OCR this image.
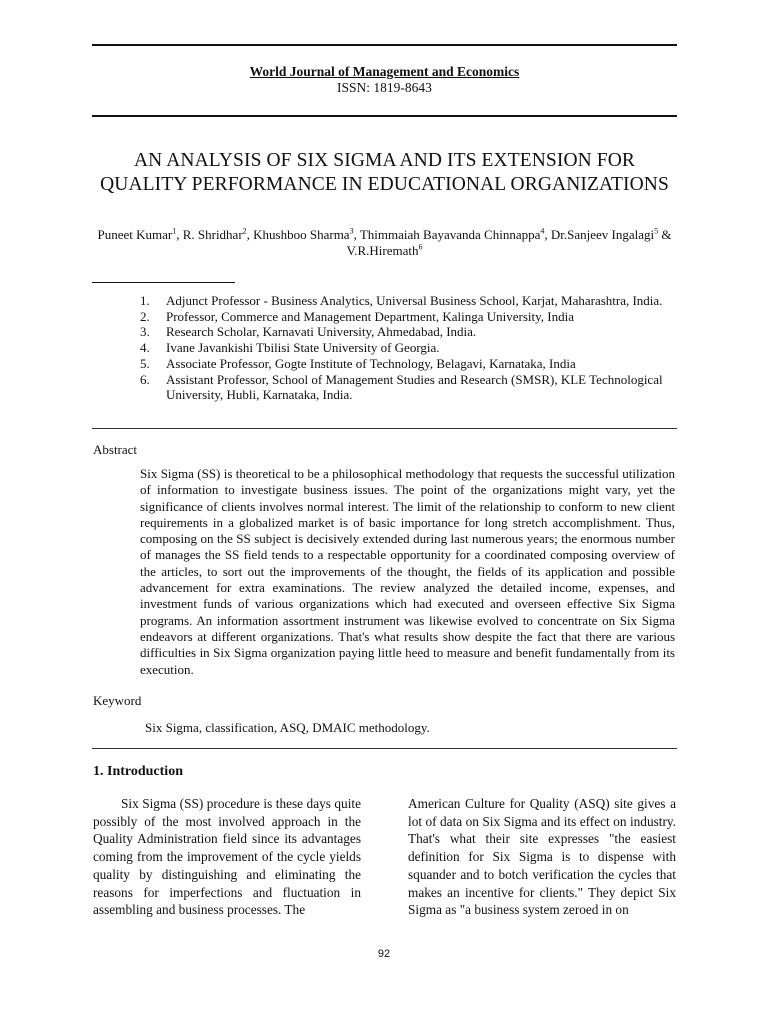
World Journal of Management and Economics
ISSN: 1819-8643
AN ANALYSIS OF SIX SIGMA AND ITS EXTENSION FOR QUALITY PERFORMANCE IN EDUCATIONAL ORGANIZATIONS
Puneet Kumar$^1$, R. Shridhar$^2$, Khushboo Sharma$^3$, Thimmaiah Bayavanda Chinnappa$^4$, Dr.Sanjeev Ingalagi$^5$ & V.R.Hiremath$^6$
1. Adjunct Professor - Business Analytics, Universal Business School, Karjat, Maharashtra, India.
2. Professor, Commerce and Management Department, Kalinga University, India
3. Research Scholar, Karnavati University, Ahmedabad, India.
4. Ivane Javankishi Tbilisi State University of Georgia.
5. Associate Professor, Gogte Institute of Technology, Belagavi, Karnataka, India
6. Assistant Professor, School of Management Studies and Research (SMSR), KLE Technological University, Hubli, Karnataka, India.
Abstract
Six Sigma (SS) is theoretical to be a philosophical methodology that requests the successful utilization of information to investigate business issues. The point of the organizations might vary, yet the significance of clients involves normal interest. The limit of the relationship to conform to new client requirements in a globalized market is of basic importance for long stretch accomplishment. Thus, composing on the SS subject is decisively extended during last numerous years; the enormous number of manages the SS field tends to a respectable opportunity for a coordinated composing overview of the articles, to sort out the improvements of the thought, the fields of its application and possible advancement for extra examinations. The review analyzed the detailed income, expenses, and investment funds of various organizations which had executed and overseen effective Six Sigma programs. An information assortment instrument was likewise evolved to concentrate on Six Sigma endeavors at different organizations. That's what results show despite the fact that there are various difficulties in Six Sigma organization paying little heed to measure and benefit fundamentally from its execution.
Keyword
Six Sigma, classification, ASQ, DMAIC methodology.
1. Introduction
Six Sigma (SS) procedure is these days quite possibly of the most involved approach in the Quality Administration field since its advantages coming from the improvement of the cycle yields quality by distinguishing and eliminating the reasons for imperfections and fluctuation in assembling and business processes. The
American Culture for Quality (ASQ) site gives a lot of data on Six Sigma and its effect on industry. That's what their site expresses "the easiest definition for Six Sigma is to dispense with squander and to botch verification the cycles that makes an incentive for clients." They depict Six Sigma as "a business system zeroed in on
92
